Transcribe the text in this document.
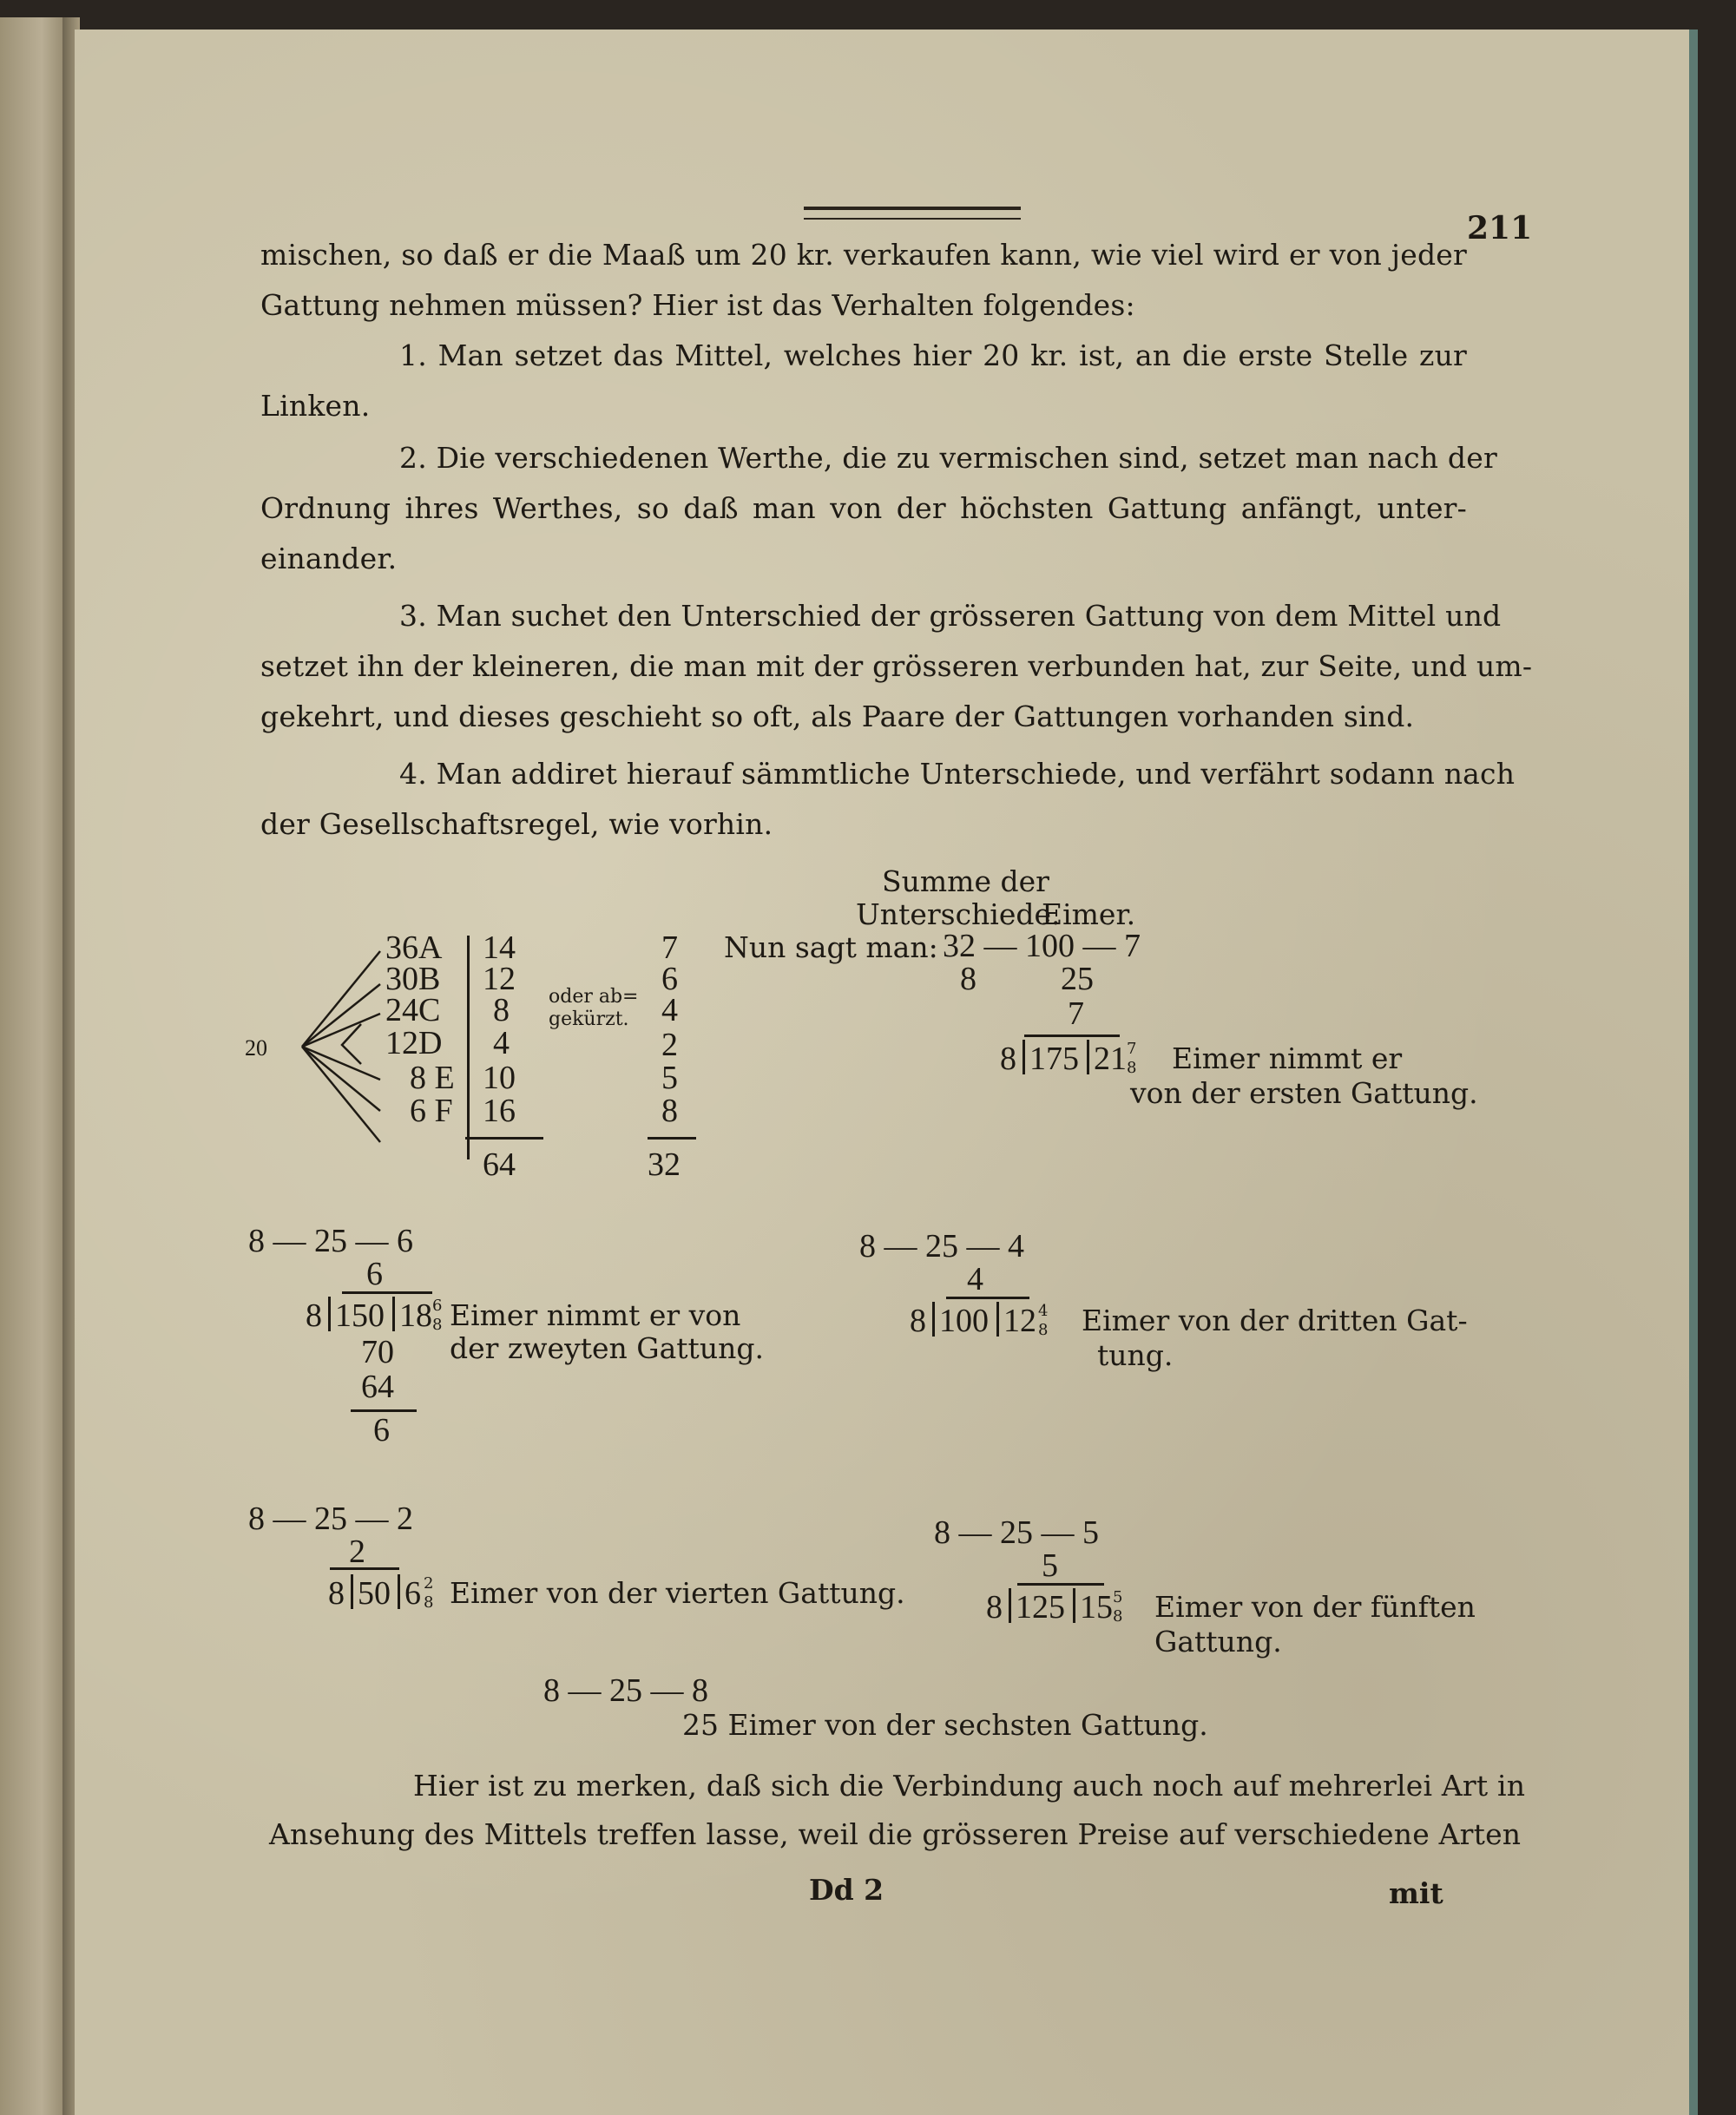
211
mischen, so daß er die Maaß um 20 kr. verkaufen kann, wie viel wird er von jeder
Gattung nehmen müssen? Hier ist das Verhalten folgendes:
1. Man setzet das Mittel, welches hier 20 kr. ist, an die erste Stelle zur
Linken.
2. Die verschiedenen Werthe, die zu vermischen sind, setzet man nach der
Ordnung ihres Werthes, so daß man von der höchsten Gattung anfängt, unter-
einander.
3. Man suchet den Unterschied der grösseren Gattung von dem Mittel und
setzet ihn der kleineren, die man mit der grösseren verbunden hat, zur Seite, und um-
gekehrt, und dieses geschieht so oft, als Paare der Gattungen vorhanden sind.
4. Man addiret hierauf sämmtliche Unterschiede, und verfährt sodann nach
der Gesellschaftsregel, wie vorhin.
20
36A
30B
24C
12D
8 E
6 F
14
12
8
4
10
16
64
oder ab=
gekürzt.
7
6
4
2
5
8
32
Summe der
Unterschiede.
Eimer.
Nun sagt man: 32 — 100 — 7
8	25
7
8 175 21 7
8 Eimer nimmt er
von der ersten Gattung.
8 — 25 — 6
6
8 150 18 6
8 Eimer nimmt er von
der zweyten Gattung.
70
64
6
8 — 25 — 4
4
8 100 12 4
8 Eimer von der dritten Gat-
tung.
8 — 25 — 2
2
8 50 6 2
8 Eimer von der vierten Gattung.
8 — 25 — 5
5
8 125 15 5
8 Eimer von der fünften
Gattung.
8 — 25 — 8
25 Eimer von der sechsten Gattung.
Hier ist zu merken, daß sich die Verbindung auch noch auf mehrerlei Art in
Ansehung des Mittels treffen lasse, weil die grösseren Preise auf verschiedene Arten
Dd 2	mit
